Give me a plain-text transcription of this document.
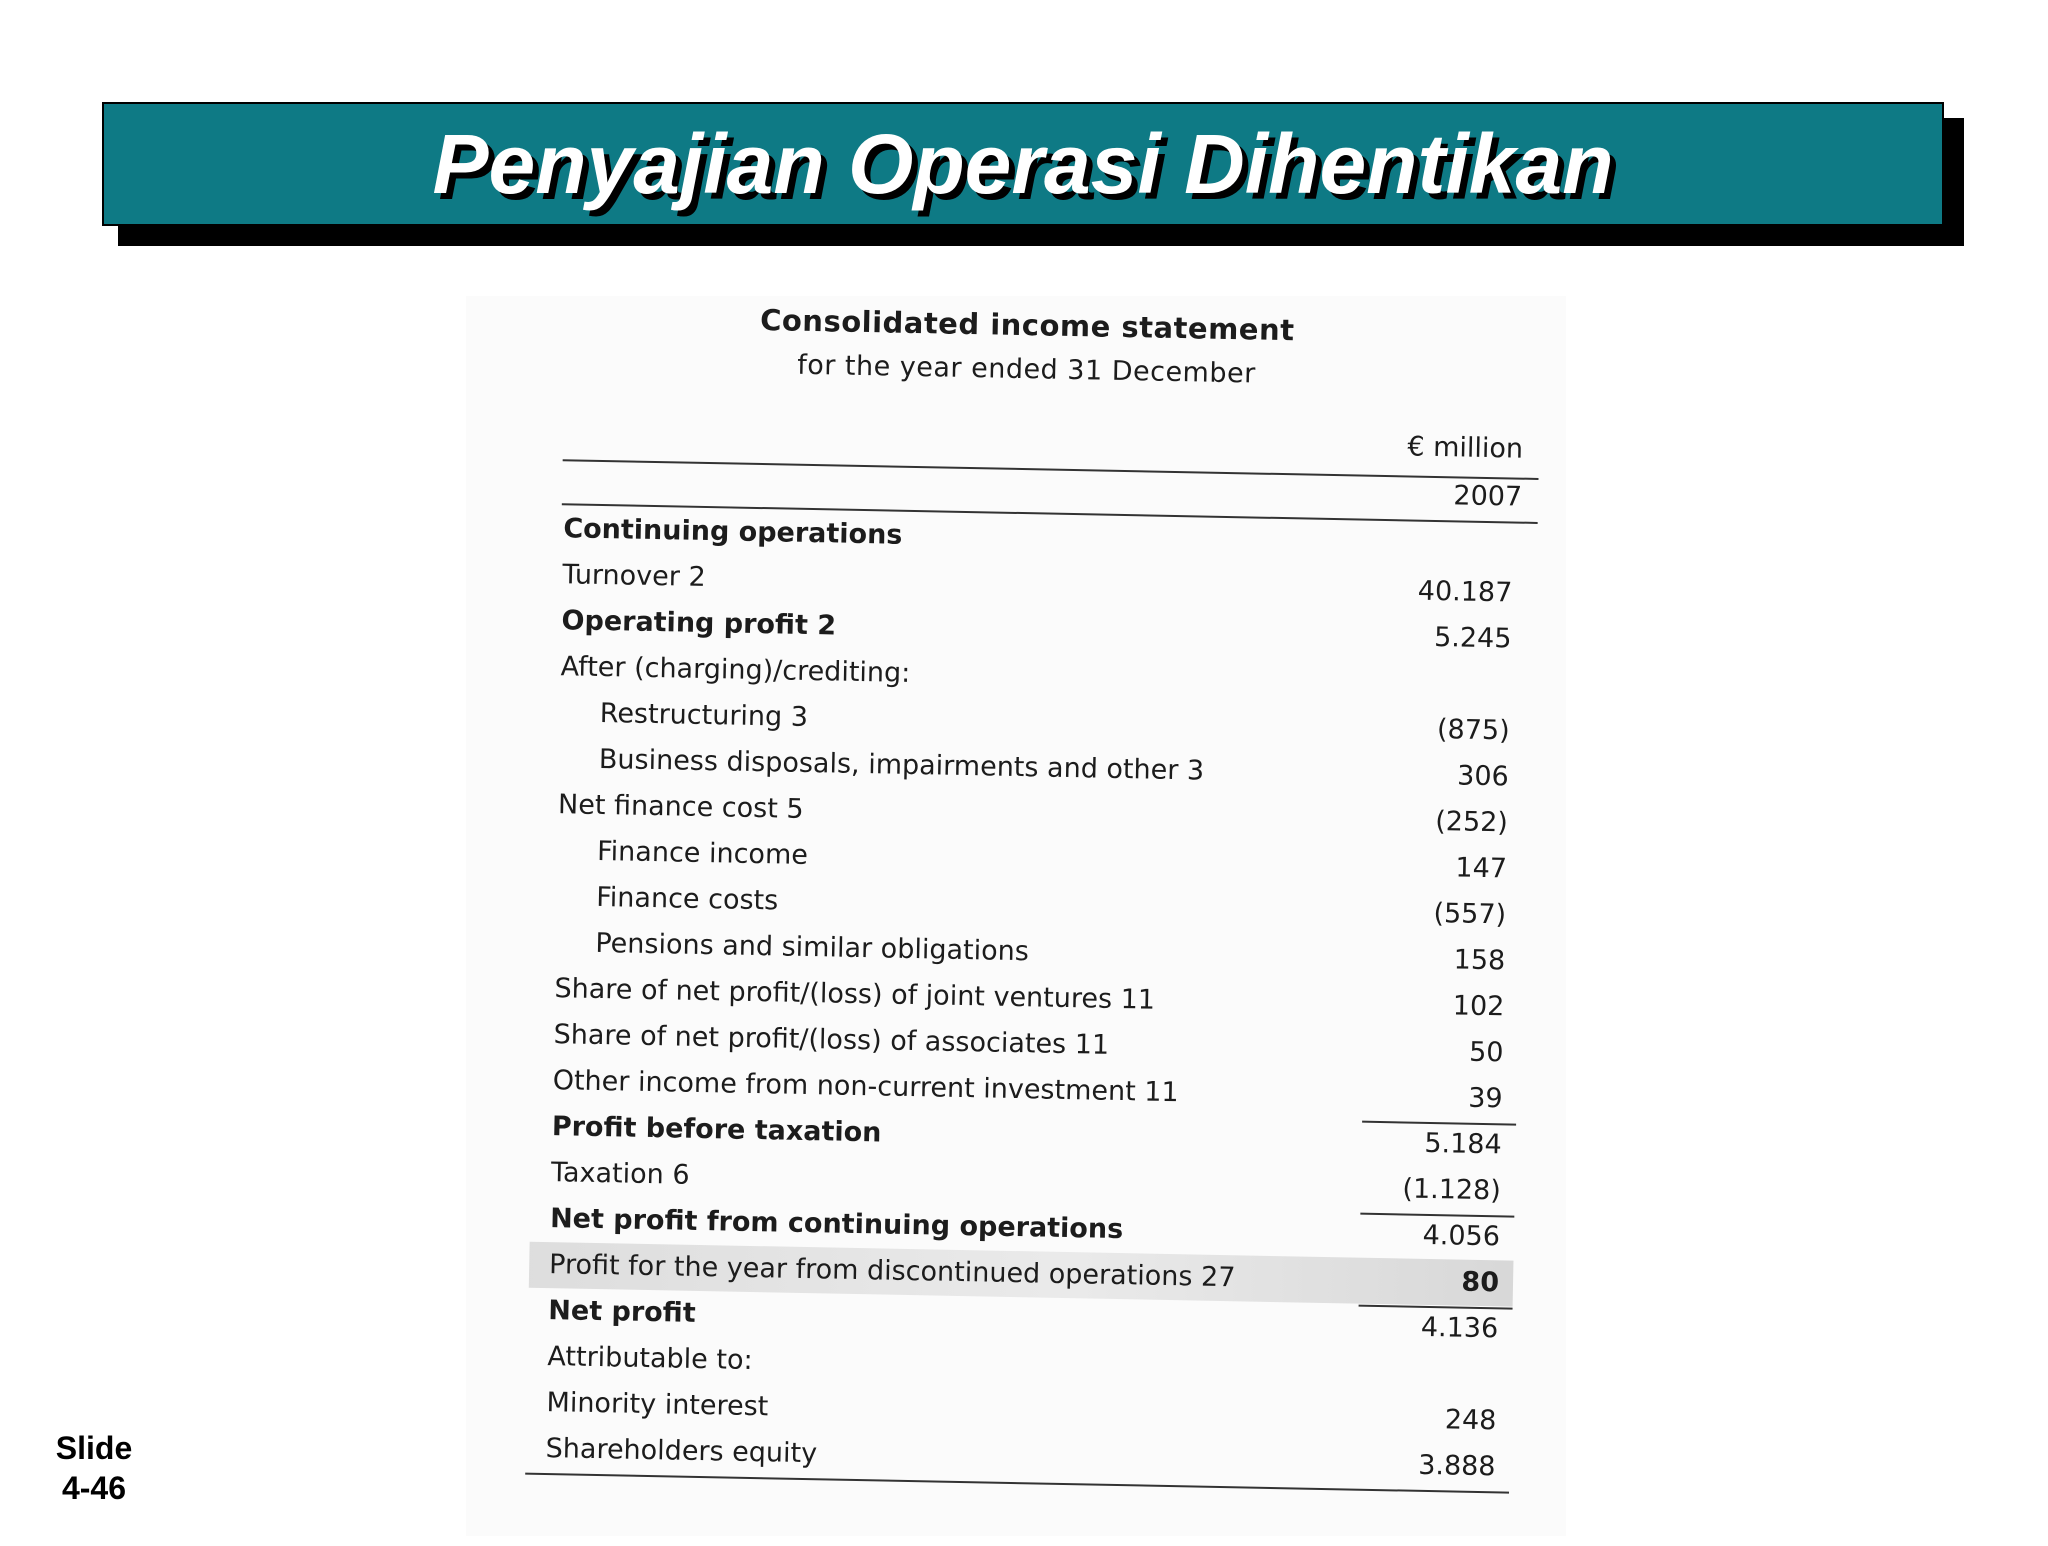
Penyajian Operasi Dihentikan
Consolidated income statement
for the year ended 31 December
€ million
2007
Continuing operations
Turnover 2	40.187
Operating profit 2	5.245
After (charging)/crediting:
Restructuring 3	(875)
Business disposals, impairments and other 3	306
Net finance cost 5	(252)
Finance income	147
Finance costs	(557)
Pensions and similar obligations	158
Share of net profit/(loss) of joint ventures 11	102
Share of net profit/(loss) of associates 11	50
Other income from non-current investment 11	39
Profit before taxation	5.184
Taxation 6	(1.128)
Net profit from continuing operations	4.056
Profit for the year from discontinued operations 27	80
Net profit	4.136
Attributable to:
Minority interest	248
Shareholders equity	3.888
Slide
4-46
